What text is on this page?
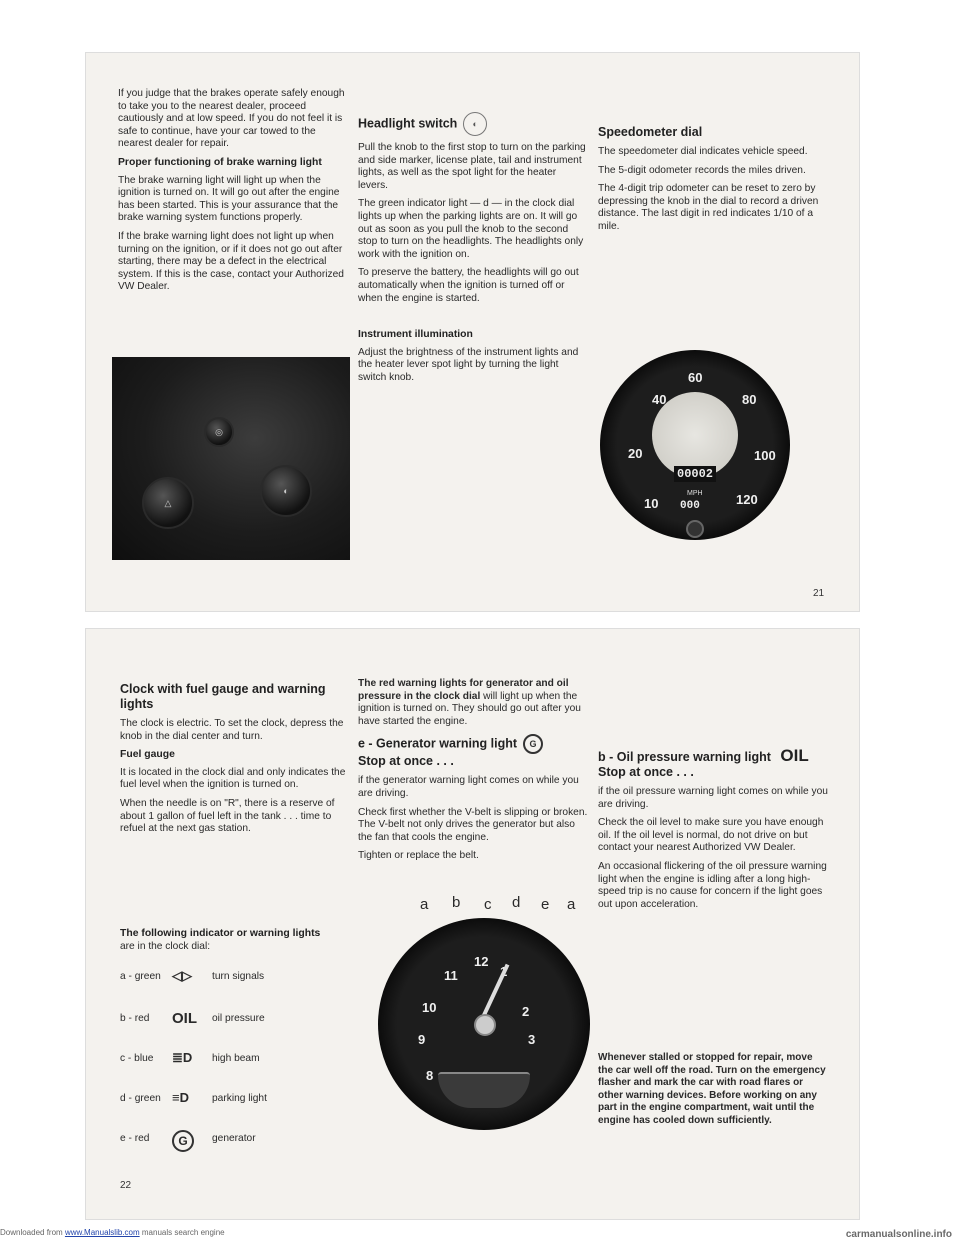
If you judge that the brakes operate safely enough to take you to the nearest dealer, proceed cautiously and at low speed. If you do not feel it is safe to continue, have your car towed to the nearest dealer for repair.

Proper functioning of brake warning light

The brake warning light will light up when the ignition is turned on. It will go out after the engine has been started. This is your assurance that the brake warning system functions properly.

If the brake warning light does not light up when turning on the ignition, or if it does not go out after starting, there may be a defect in the electrical system. If this is the case, contact your Authorized VW Dealer.

◎
△
◐
Headlight switch ◐

Pull the knob to the first stop to turn on the parking and side marker, license plate, tail and instrument lights, as well as the spot light for the heater levers.

The green indicator light — d — in the clock dial lights up when the parking lights are on. It will go out as soon as you pull the knob to the second stop to turn on the headlights. The headlights only work with the ignition on.

To preserve the battery, the headlights will go out automatically when the ignition is turned off or when the engine is started.

Instrument illumination

Adjust the brightness of the instrument lights and the heater lever spot light by turning the light switch knob.

Speedometer dial

The speedometer dial indicates vehicle speed.

The 5-digit odometer records the miles driven.

The 4-digit trip odometer can be reset to zero by depressing the knob in the dial to record a driven distance. The last digit in red indicates 1/10 of a mile.

60
40	80
20	100
10	120
00002
MPH
000
21
Clock with fuel gauge and warning lights

The clock is electric. To set the clock, depress the knob in the dial center and turn.

Fuel gauge

It is located in the clock dial and only indicates the fuel level when the ignition is turned on.

When the needle is on "R", there is a reserve of about 1 gallon of fuel left in the tank . . . time to refuel at the next gas station.

The following indicator or warning lights

are in the clock dial:

a - green ◁▷ turn signals
b - red OIL oil pressure
c - blue ≣D high beam
d - green ≡D parking light
e - red	G	generator
22

The red warning lights for generator and oil pressure in the clock dial will light up when the ignition is turned on. They should go out after you have started the engine.

e - Generator warning light G
Stop at once . . .

if the generator warning light comes on while you are driving.

Check first whether the V-belt is slipping or broken. The V-belt not only drives the generator but also the fan that cools the engine.

Tighten or replace the belt.

a b c d e a
12
2
3
8
9
10
11
b - Oil pressure warning light OIL
Stop at once . . .

if the oil pressure warning light comes on while you are driving.

Check the oil level to make sure you have enough oil. If the oil level is normal, do not drive on but contact your nearest Authorized VW Dealer.

An occasional flickering of the oil pressure warning light when the engine is idling after a long high-speed trip is no cause for concern if the light goes out upon acceleration.

Whenever stalled or stopped for repair, move the car well off the road. Turn on the emergency flasher and mark the car with road flares or other warning devices. Before working on any part in the engine compartment, wait until the engine has cooled down sufficiently.
Downloaded from www.Manualslib.com manuals search engine	carmanualsonline.info
